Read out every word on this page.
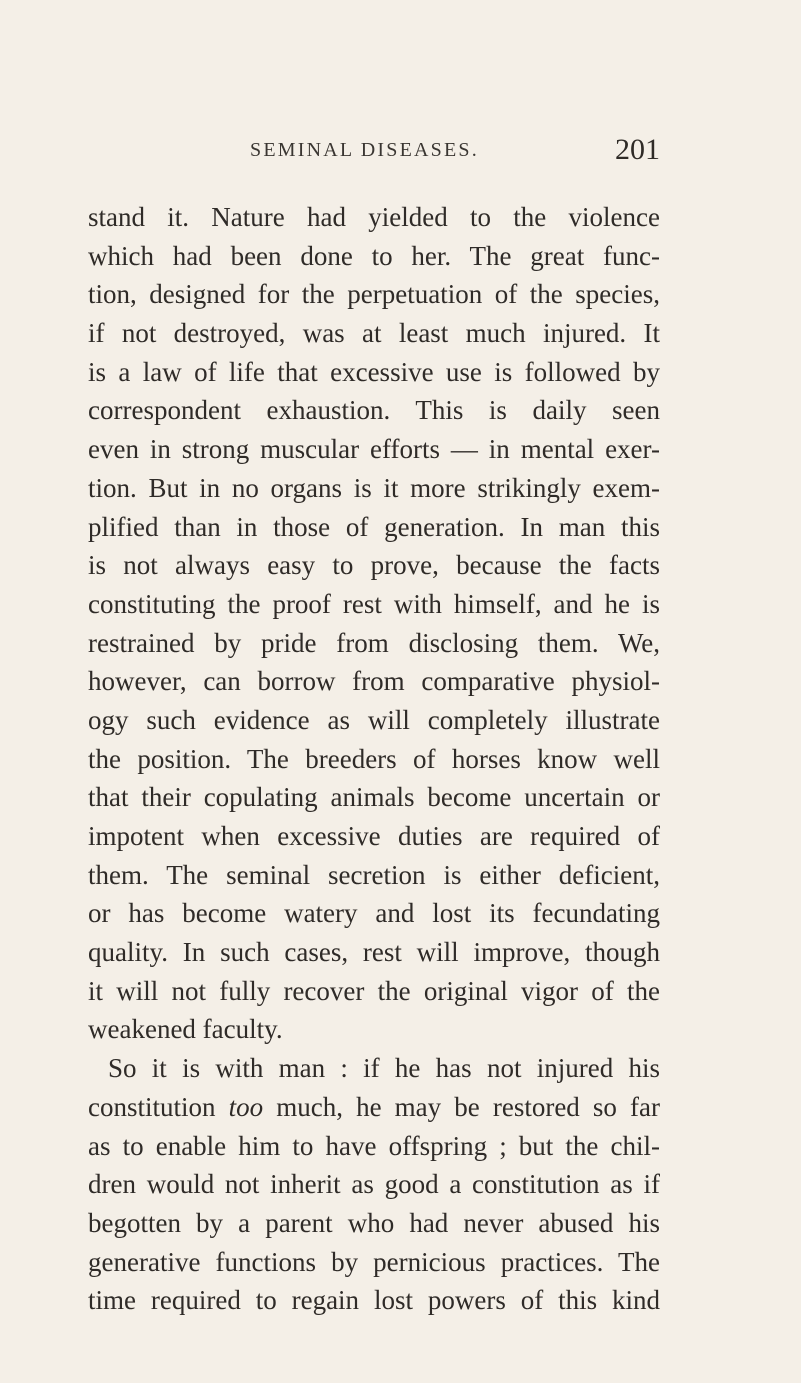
SEMINAL DISEASES.	201
stand it. Nature had yielded to the violence
which had been done to her. The great func-
tion, designed for the perpetuation of the species,
if not destroyed, was at least much injured. It
is a law of life that excessive use is followed by
correspondent exhaustion. This is daily seen
even in strong muscular efforts — in mental exer-
tion. But in no organs is it more strikingly exem-
plified than in those of generation. In man this
is not always easy to prove, because the facts
constituting the proof rest with himself, and he is
restrained by pride from disclosing them. We,
however, can borrow from comparative physiol-
ogy such evidence as will completely illustrate
the position. The breeders of horses know well
that their copulating animals become uncertain or
impotent when excessive duties are required of
them. The seminal secretion is either deficient,
or has become watery and lost its fecundating
quality. In such cases, rest will improve, though
it will not fully recover the original vigor of the
weakened faculty.
So it is with man : if he has not injured his
constitution too much, he may be restored so far
as to enable him to have offspring ; but the chil-
dren would not inherit as good a constitution as if
begotten by a parent who had never abused his
generative functions by pernicious practices. The
time required to regain lost powers of this kind
